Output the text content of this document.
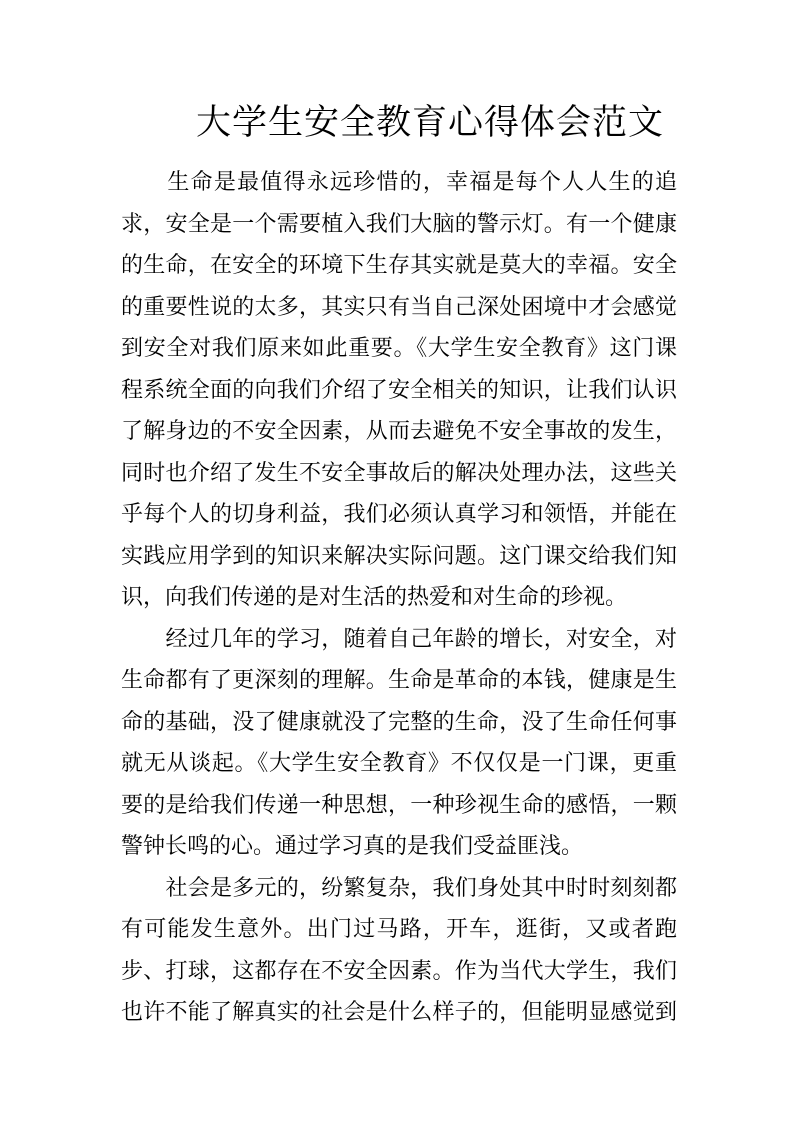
大学生安全教育心得体会范文
　　生命是最值得永远珍惜的，幸福是每个人人生的追
求，安全是一个需要植入我们大脑的警示灯。有一个健康
的生命，在安全的环境下生存其实就是莫大的幸福。安全
的重要性说的太多，其实只有当自己深处困境中才会感觉
到安全对我们原来如此重要。《大学生安全教育》这门课
程系统全面的向我们介绍了安全相关的知识，让我们认识
了解身边的不安全因素，从而去避免不安全事故的发生，
同时也介绍了发生不安全事故后的解决处理办法，这些关
乎每个人的切身利益，我们必须认真学习和领悟，并能在
实践应用学到的知识来解决实际问题。这门课交给我们知
识，向我们传递的是对生活的热爱和对生命的珍视。
　　经过几年的学习，随着自己年龄的增长，对安全，对
生命都有了更深刻的理解。生命是革命的本钱，健康是生
命的基础，没了健康就没了完整的生命，没了生命任何事
就无从谈起。《大学生安全教育》不仅仅是一门课，更重
要的是给我们传递一种思想，一种珍视生命的感悟，一颗
警钟长鸣的心。通过学习真的是我们受益匪浅。
　　社会是多元的，纷繁复杂，我们身处其中时时刻刻都
有可能发生意外。出门过马路，开车，逛街，又或者跑
步、打球，这都存在不安全因素。作为当代大学生，我们
也许不能了解真实的社会是什么样子的，但能明显感觉到
